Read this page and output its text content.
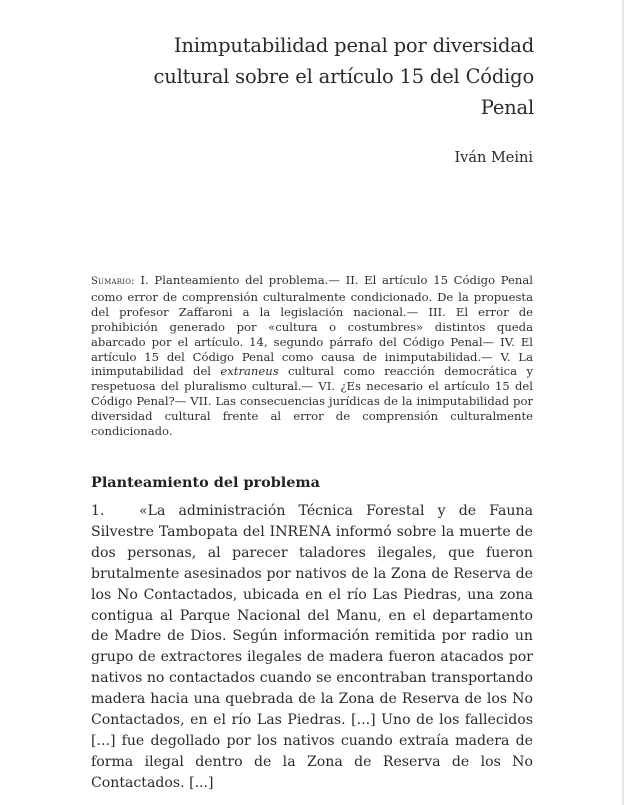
Inimputabilidad penal por diversidad cultural sobre el artículo 15 del Código Penal
Iván Meini
Sumario: I. Planteamiento del problema.— II. El artículo 15 Código Penal como error de comprensión culturalmente condicionado. De la propuesta del profesor Zaffaroni a la legislación nacional.— III. El error de prohibición generado por «cultura o costumbres» distintos queda abarcado por el artículo. 14, segundo párrafo del Código Penal— IV. El artículo 15 del Código Penal como causa de inimputabilidad.— V. La inimputabilidad del extraneus cultural como reacción democrática y respetuosa del pluralismo cultural.— VI. ¿Es necesario el artículo 15 del Código Penal?— VII. Las consecuencias jurídicas de la inimputabilidad por diversidad cultural frente al error de comprensión culturalmente condicionado.
Planteamiento del problema
1. «La administración Técnica Forestal y de Fauna Silvestre Tambopata del INRENA informó sobre la muerte de dos personas, al parecer taladores ilegales, que fueron brutalmente asesinados por nativos de la Zona de Reserva de los No Contactados, ubicada en el río Las Piedras, una zona contigua al Parque Nacional del Manu, en el departamento de Madre de Dios. Según información remitida por radio un grupo de extractores ilegales de madera fueron atacados por nativos no contactados cuando se encontraban transportando madera hacia una quebrada de la Zona de Reserva de los No Contactados, en el río Las Piedras. [...] Uno de los fallecidos [...] fue degollado por los nativos cuando extraía madera de forma ilegal dentro de la Zona de Reserva de los No Contactados. [...]
